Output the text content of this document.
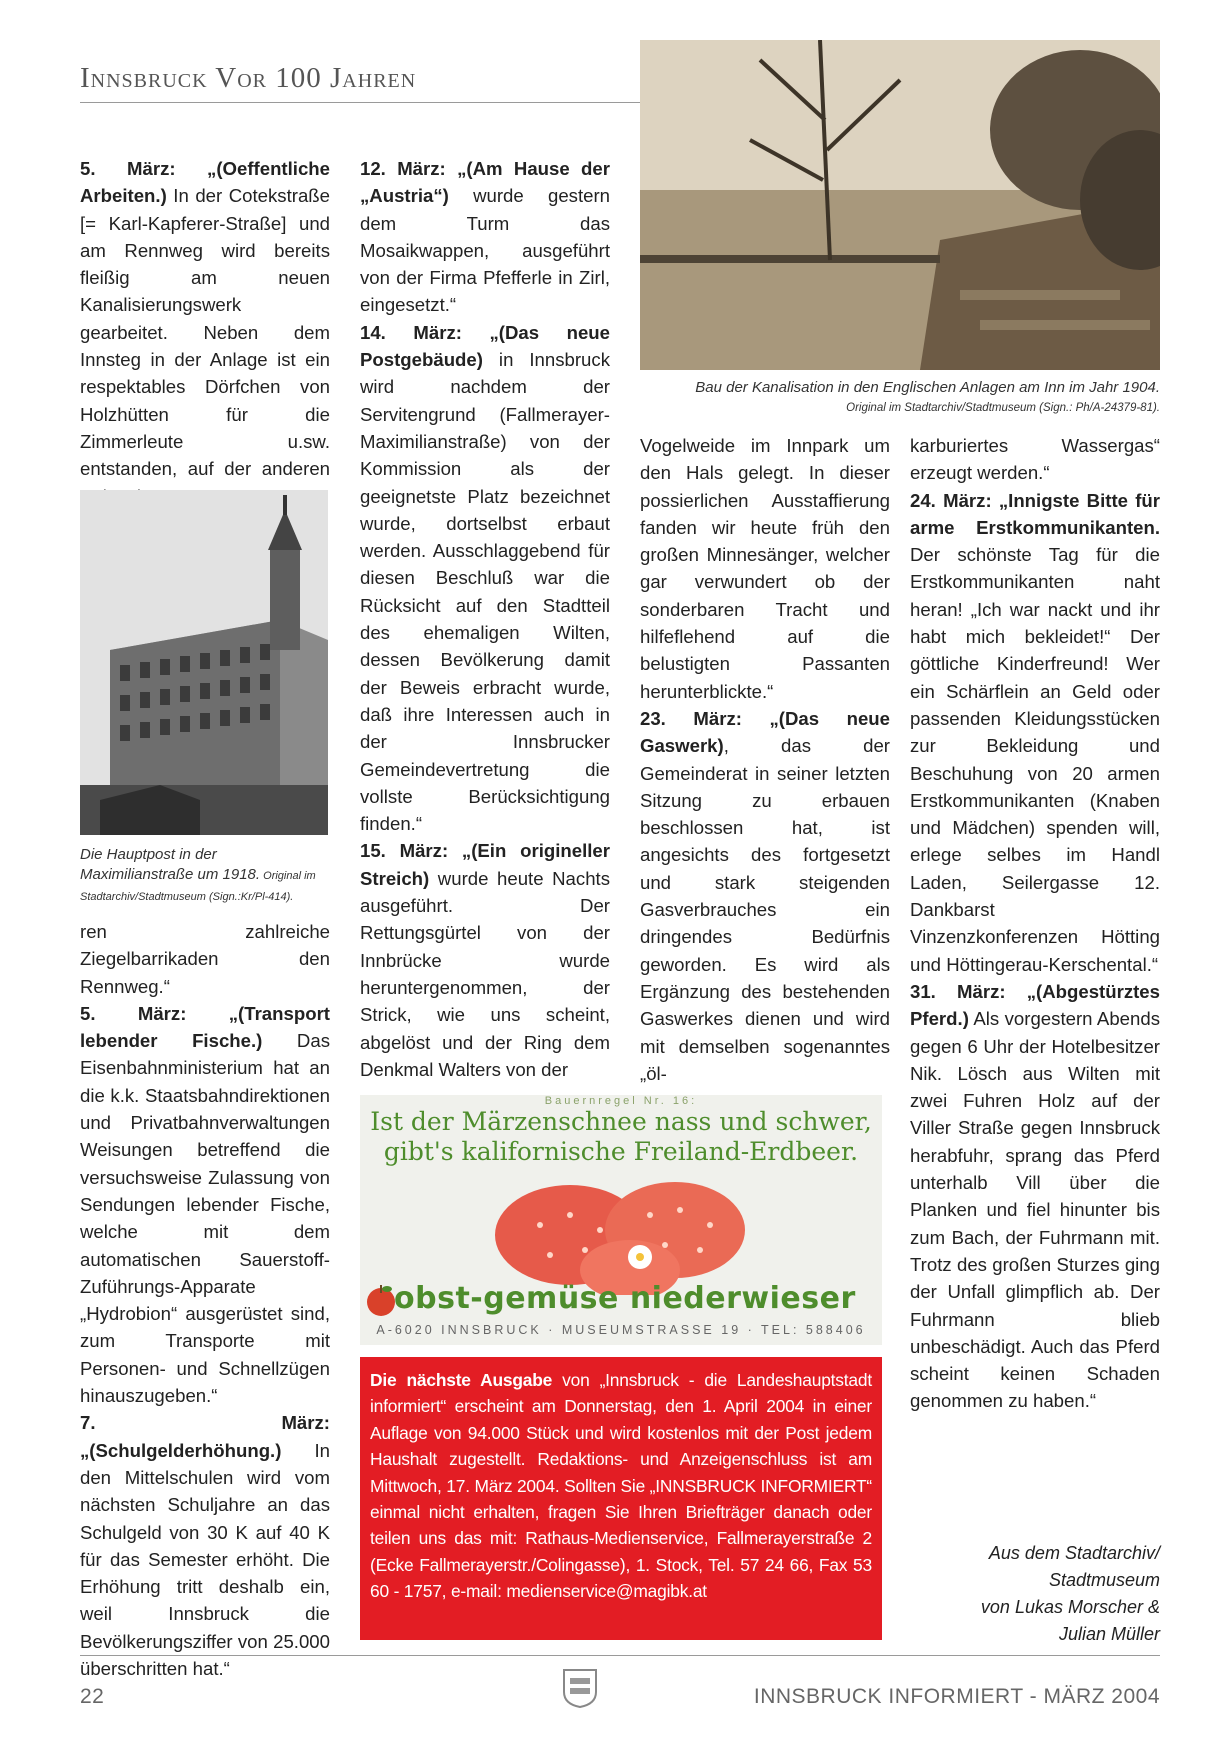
Innsbruck Vor 100 Jahren

5. März: „(Oeffentliche Arbeiten.) In der Cotekstraße [= Karl-Kapferer-Straße] und am Rennweg wird bereits fleißig am neuen Kanalisierungswerk gearbeitet. Neben dem Innsteg in der Anlage ist ein respektables Dörfchen von Holzhütten für die Zimmerleute u.sw. entstanden, auf der anderen

Die Hauptpost in der Maximilianstraße um 1918. Original im Stadtarchiv/Stadtmuseum (Sign.:Kr/Pl-414).

ren zahlreiche Ziegelbarrikaden den Rennweg.“

5. März: „(Transport lebender Fische.) Das Eisenbahnministerium hat an die k.k. Staatsbahndirektionen und Privatbahnverwaltungen Weisungen betreffend die versuchsweise Zulassung von Sendungen lebender Fische, welche mit dem automatischen Sauerstoff-Zuführungs-Apparate „Hydrobion“ ausgerüstet sind, zum Transporte mit Personen- und Schnellzügen hinauszugeben.“

7. März: „(Schulgelderhöhung.) In den Mittelschulen wird vom nächsten Schuljahre an das Schulgeld von 30 K auf 40 K für das Semester erhöht. Die Erhöhung tritt deshalb ein, weil Innsbruck die Bevölkerungsziffer von 25.000 überschritten hat.“

12. März: „(Am Hause der „Austria“) wurde gestern dem Turm das Mosaikwappen, ausgeführt von der Firma Pfefferle in Zirl, eingesetzt.“

14. März: „(Das neue Postgebäude) in Innsbruck wird nachdem der Servitengrund (Fallmerayer-Maximilianstraße) von der Kommission als der geeignetste Platz bezeichnet wurde, dortselbst erbaut werden. Ausschlaggebend für diesen Beschluß war die Rücksicht auf den Stadtteil des ehemaligen Wilten, dessen Bevölkerung damit der Beweis erbracht wurde, daß ihre Interessen auch in der Innsbrucker Gemeindevertretung die vollste Berücksichtigung finden.“

15. März: „(Ein origineller Streich) wurde heute Nachts ausgeführt. Der Rettungsgürtel von der Innbrücke wurde heruntergenommen, der Strick, wie uns scheint, abgelöst und der Ring dem Denkmal Walters von der

Bau der Kanalisation in den Englischen Anlagen am Inn im Jahr 1904.
Original im Stadtarchiv/Stadtmuseum (Sign.: Ph/A-24379-81).

Vogelweide im Innpark um den Hals gelegt. In dieser possierlichen Ausstaffierung fanden wir heute früh den großen Minnesänger, welcher gar verwundert ob der sonderbaren Tracht und hilfeflehend auf die belustigten Passanten herunterblickte.“

23. März: „(Das neue Gaswerk), das der Gemeinderat in seiner letzten Sitzung zu erbauen beschlossen hat, ist angesichts des fortgesetzt und stark steigenden Gasverbrauches ein dringendes Bedürfnis geworden. Es wird als Ergänzung des bestehenden Gaswerkes dienen und wird mit demselben sogenanntes „öl-

karburiertes Wassergas“ erzeugt werden.“

24. März: „Innigste Bitte für arme Erstkommunikanten. Der schönste Tag für die Erstkommunikanten naht heran! „Ich war nackt und ihr habt mich bekleidet!“ Der göttliche Kinderfreund! Wer ein Schärflein an Geld oder passenden Kleidungsstücken zur Bekleidung und Beschuhung von 20 armen Erstkommunikanten (Knaben und Mädchen) spenden will, erlege selbes im Handl Laden, Seilergasse 12. Dankbarst Vinzenzkonferenzen Hötting und Höttingerau-Kerschental.“

31. März: „(Abgestürztes Pferd.) Als vorgestern Abends gegen 6 Uhr der Hotelbesitzer Nik. Lösch aus Wilten mit zwei Fuhren Holz auf der Viller Straße gegen Innsbruck herabfuhr, sprang das Pferd unterhalb Vill über die Planken und fiel hinunter bis zum Bach, der Fuhrmann mit. Trotz des großen Sturzes ging der Unfall glimpflich ab. Der Fuhrmann blieb unbeschädigt. Auch das Pferd scheint keinen Schaden genommen zu haben.“

Aus dem Stadtarchiv/
Stadtmuseum
von Lukas Morscher &
Julian Müller
Bauernregel Nr. 16:
Ist der Märzenschnee nass und schwer,
gibt's kalifornische Freiland-Erdbeer.
obst-gemüse niederwieser
A-6020 INNSBRUCK · MUSEUMSTRASSE 19 · TEL: 588406
Die nächste Ausgabe von „Innsbruck - die Landeshauptstadt informiert“ erscheint am Donnerstag, den 1. April 2004 in einer Auflage von 94.000 Stück und wird kostenlos mit der Post jedem Haushalt zugestellt. Redaktions- und Anzeigenschluss ist am Mittwoch, 17. März 2004. Sollten Sie „INNSBRUCK INFORMIERT“ einmal nicht erhalten, fragen Sie Ihren Briefträger danach oder teilen uns das mit: Rathaus-Medienservice, Fallmerayerstraße 2 (Ecke Fallmerayerstr./Colingasse), 1. Stock, Tel. 57 24 66, Fax 53 60 - 1757, e-mail: medienservice@magibk.at
22	INNSBRUCK INFORMIERT - MÄRZ 2004
